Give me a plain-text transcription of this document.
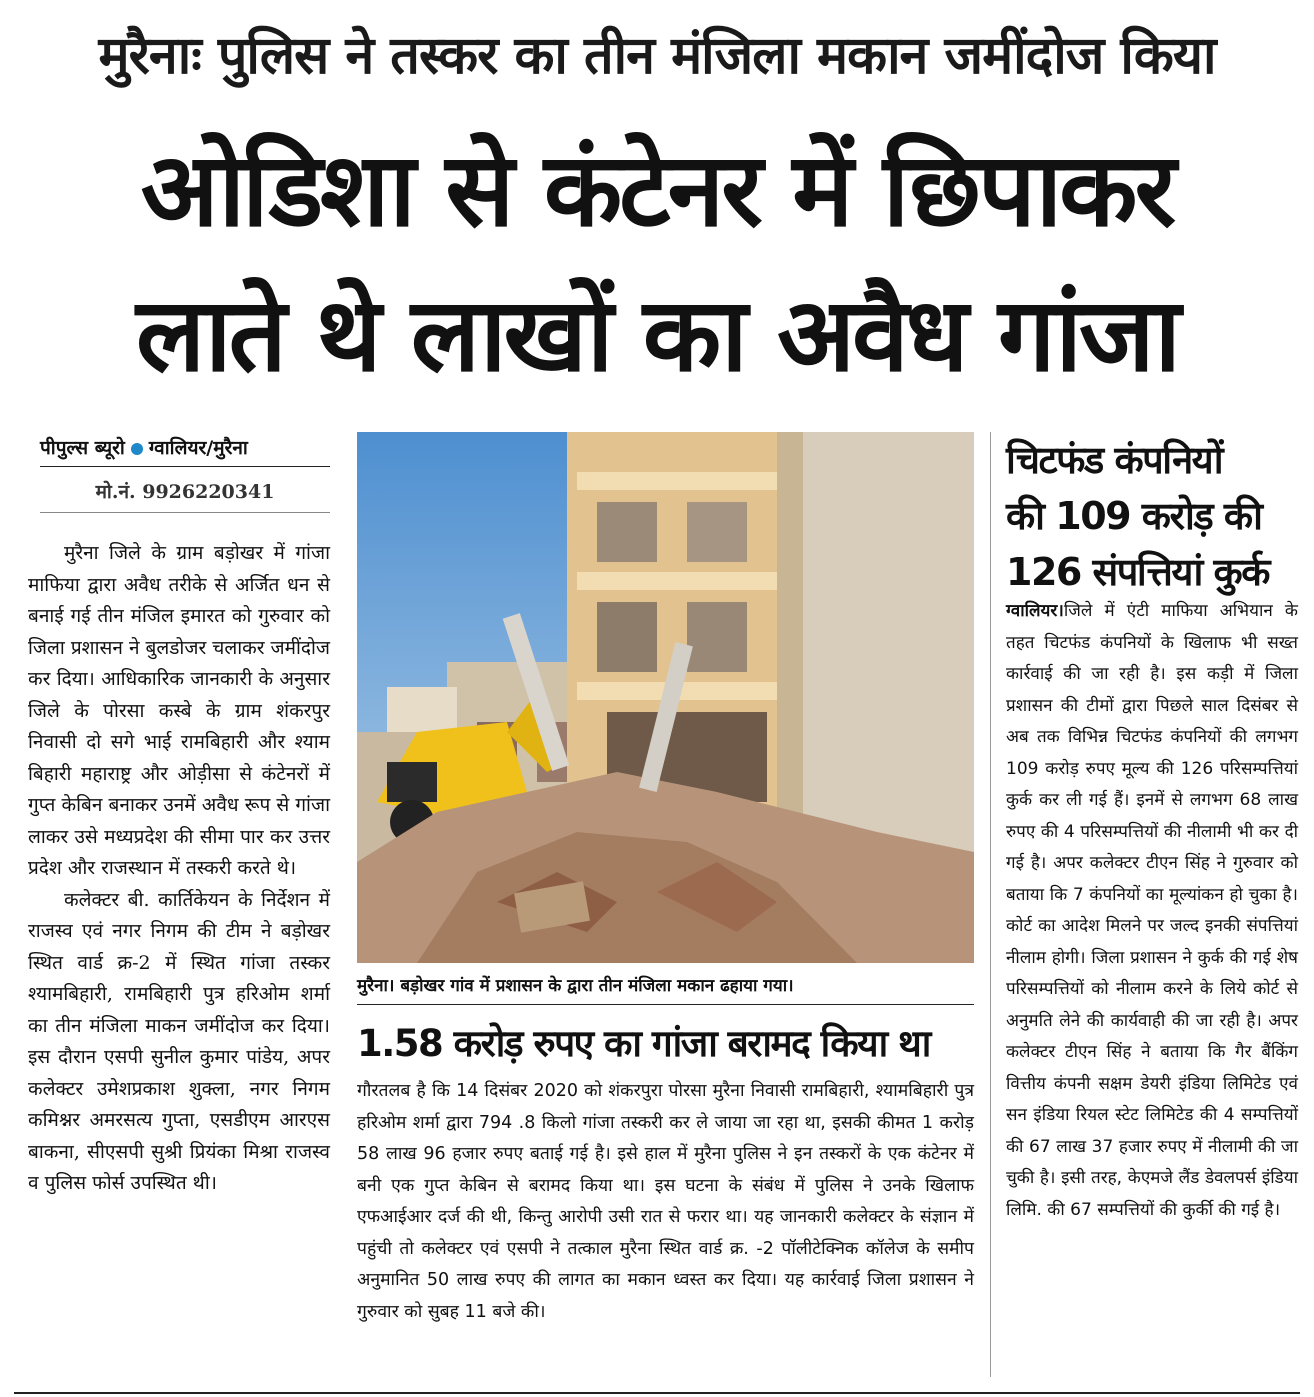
मुरैनाः पुलिस ने तस्कर का तीन मंजिला मकान जमींदोज किया
ओडिशा से कंटेनर में छिपाकर
लाते थे लाखों का अवैध गांजा
पीपुल्स ब्यूरो ग्वालियर/मुरैना
मो.नं. 9926220341

मुरैना जिले के ग्राम बड़ोखर में गांजा माफिया द्वारा अवैध तरीके से अर्जित धन से बनाई गई तीन मंजिल इमारत को गुरुवार को जिला प्रशासन ने बुलडोजर चलाकर जमींदोज कर दिया। आधिकारिक जानकारी के अनुसार जिले के पोरसा कस्बे के ग्राम शंकरपुर निवासी दो सगे भाई रामबिहारी और श्याम बिहारी महाराष्ट्र और ओड़ीसा से कंटेनरों में गुप्त केबिन बनाकर उनमें अवैध रूप से गांजा लाकर उसे मध्यप्रदेश की सीमा पार कर उत्तर प्रदेश और राजस्थान में तस्करी करते थे।

कलेक्टर बी. कार्तिकेयन के निर्देशन में राजस्व एवं नगर निगम की टीम ने बड़ोखर स्थित वार्ड क्र-2 में स्थित गांजा तस्कर श्यामबिहारी, रामबिहारी पुत्र हरिओम शर्मा का तीन मंजिला माकन जमींदोज कर दिया। इस दौरान एसपी सुनील कुमार पांडेय, अपर कलेक्टर उमेशप्रकाश शुक्ला, नगर निगम कमिश्नर अमरसत्य गुप्ता, एसडीएम आरएस बाकना, सीएसपी सुश्री प्रियंका मिश्रा राजस्व व पुलिस फोर्स उपस्थित थी।

मुरैना। बड़ोखर गांव में प्रशासन के द्वारा तीन मंजिला मकान ढहाया गया।
1.58 करोड़ रुपए का गांजा बरामद किया था

गौरतलब है कि 14 दिसंबर 2020 को शंकरपुरा पोरसा मुरैना निवासी रामबिहारी, श्यामबिहारी पुत्र हरिओम शर्मा द्वारा 794 .8 किलो गांजा तस्करी कर ले जाया जा रहा था, इसकी कीमत 1 करोड़ 58 लाख 96 हजार रुपए बताई गई है। इसे हाल में मुरैना पुलिस ने इन तस्करों के एक कंटेनर में बनी एक गुप्त केबिन से बरामद किया था। इस घटना के संबंध में पुलिस ने उनके खिलाफ एफआईआर दर्ज की थी, किन्तु आरोपी उसी रात से फरार था। यह जानकारी कलेक्टर के संज्ञान में पहुंची तो कलेक्टर एवं एसपी ने तत्काल मुरैना स्थित वार्ड क्र. -2 पॉलीटेक्निक कॉलेज के समीप अनुमानित 50 लाख रुपए की लागत का मकान ध्वस्त कर दिया। यह कार्रवाई जिला प्रशासन ने गुरुवार को सुबह 11 बजे की।

चिटफंड कंपनियों
की 109 करोड़ की
126 संपत्तियां कुर्क

ग्वालियर।जिले में एंटी माफिया अभियान के तहत चिटफंड कंपनियों के खिलाफ भी सख्त कार्रवाई की जा रही है। इस कड़ी में जिला प्रशासन की टीमों द्वारा पिछले साल दिसंबर से अब तक विभिन्न चिटफंड कंपनियों की लगभग 109 करोड़ रुपए मूल्य की 126 परिसम्पत्तियां कुर्क कर ली गई हैं। इनमें से लगभग 68 लाख रुपए की 4 परिसम्पत्तियों की नीलामी भी कर दी गई है। अपर कलेक्टर टीएन सिंह ने गुरुवार को बताया कि 7 कंपनियों का मूल्यांकन हो चुका है। कोर्ट का आदेश मिलने पर जल्द इनकी संपत्तियां नीलाम होगी। जिला प्रशासन ने कुर्क की गई शेष परिसम्पत्तियों को नीलाम करने के लिये कोर्ट से अनुमति लेने की कार्यवाही की जा रही है। अपर कलेक्टर टीएन सिंह ने बताया कि गैर बैंकिंग वित्तीय कंपनी सक्षम डेयरी इंडिया लिमिटेड एवं सन इंडिया रियल स्टेट लिमिटेड की 4 सम्पत्तियों की 67 लाख 37 हजार रुपए में नीलामी की जा चुकी है। इसी तरह, केएमजे लैंड डेवलपर्स इंडिया लिमि. की 67 सम्पत्तियों की कुर्की की गई है।
